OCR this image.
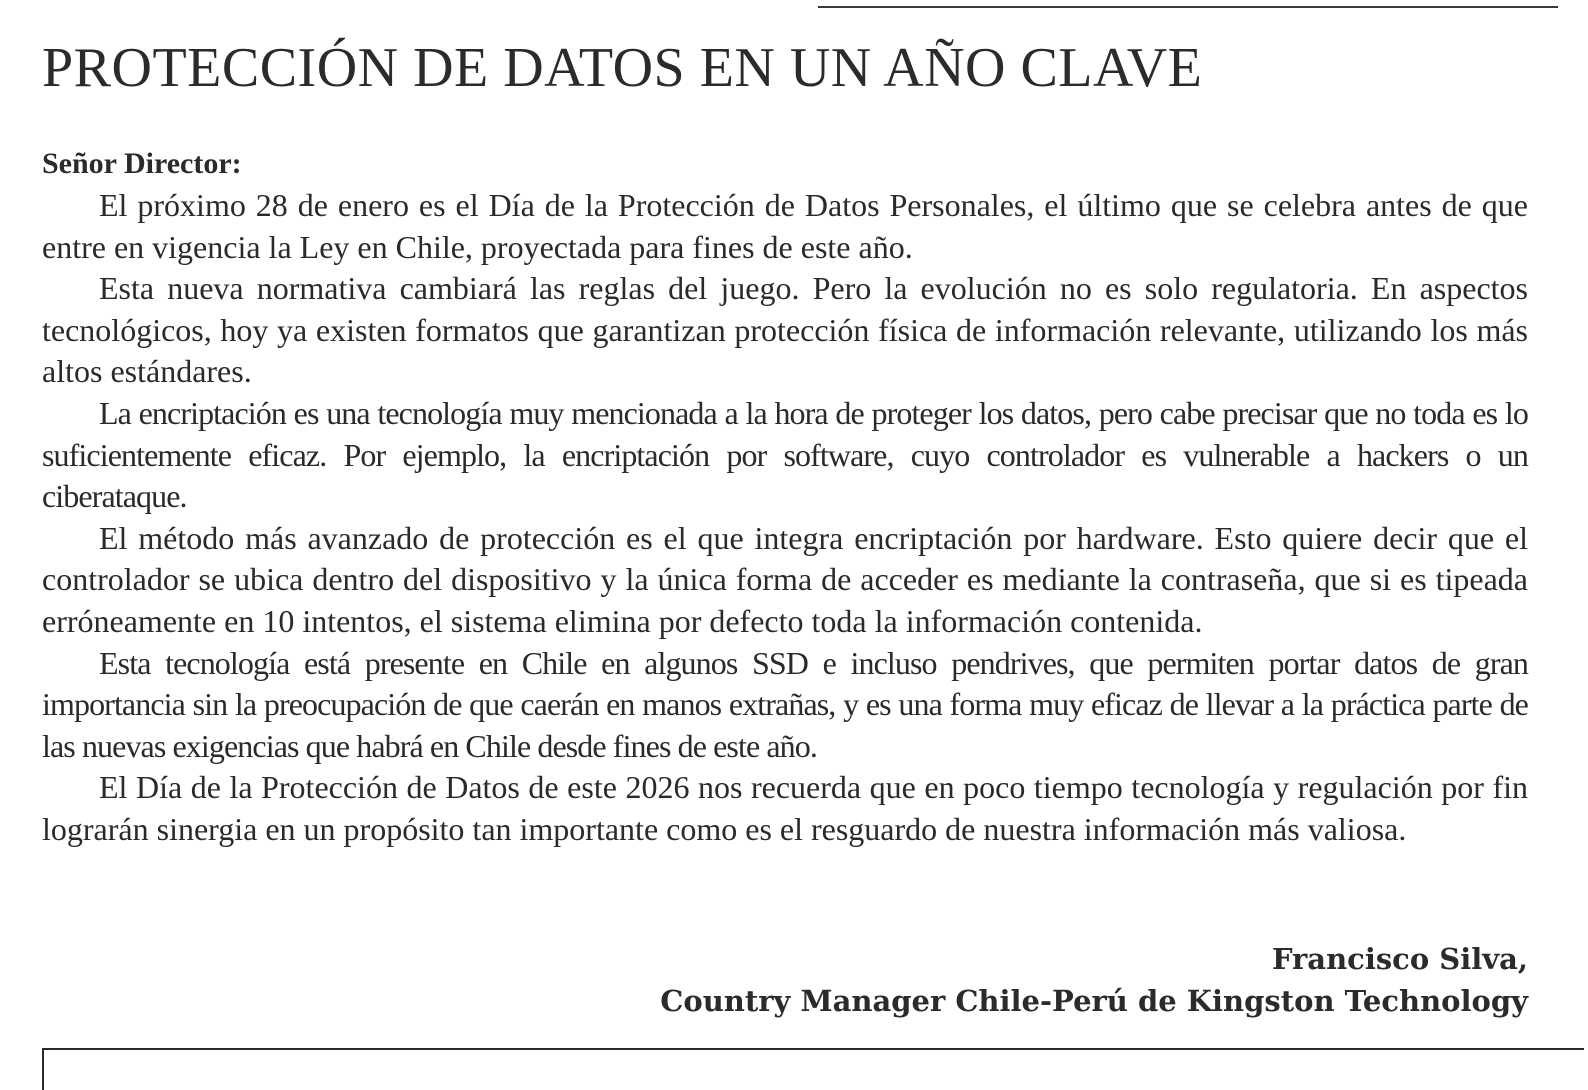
PROTECCIÓN DE DATOS EN UN AÑO CLAVE

Señor Director:

El próximo 28 de enero es el Día de la Protección de Datos Personales, el último que se celebra antes de que entre en vigencia la Ley en Chile, proyectada para fines de este año.

Esta nueva normativa cambiará las reglas del juego. Pero la evolución no es solo regulatoria. En aspectos tecnológicos, hoy ya existen formatos que garantizan protección física de información relevante, utilizando los más altos estándares.

La encriptación es una tecnología muy mencionada a la hora de proteger los datos, pero cabe precisar que no toda es lo suficientemente eficaz. Por ejemplo, la encriptación por software, cuyo controlador es vulnerable a hackers o un ciberataque.

El método más avanzado de protección es el que integra encriptación por hardware. Esto quiere decir que el controlador se ubica dentro del dispositivo y la única forma de acceder es mediante la contraseña, que si es tipeada erróneamente en 10 intentos, el sistema elimina por defecto toda la información contenida.

Esta tecnología está presente en Chile en algunos SSD e incluso pendrives, que permiten portar datos de gran importancia sin la preocupación de que caerán en manos extrañas, y es una forma muy eficaz de llevar a la práctica parte de las nuevas exigencias que habrá en Chile desde fines de este año.

El Día de la Protección de Datos de este 2026 nos recuerda que en poco tiempo tecnología y regulación por fin lograrán sinergia en un propósito tan importante como es el resguardo de nuestra información más valiosa.

Francisco Silva,
Country Manager Chile-Perú de Kingston Technology
